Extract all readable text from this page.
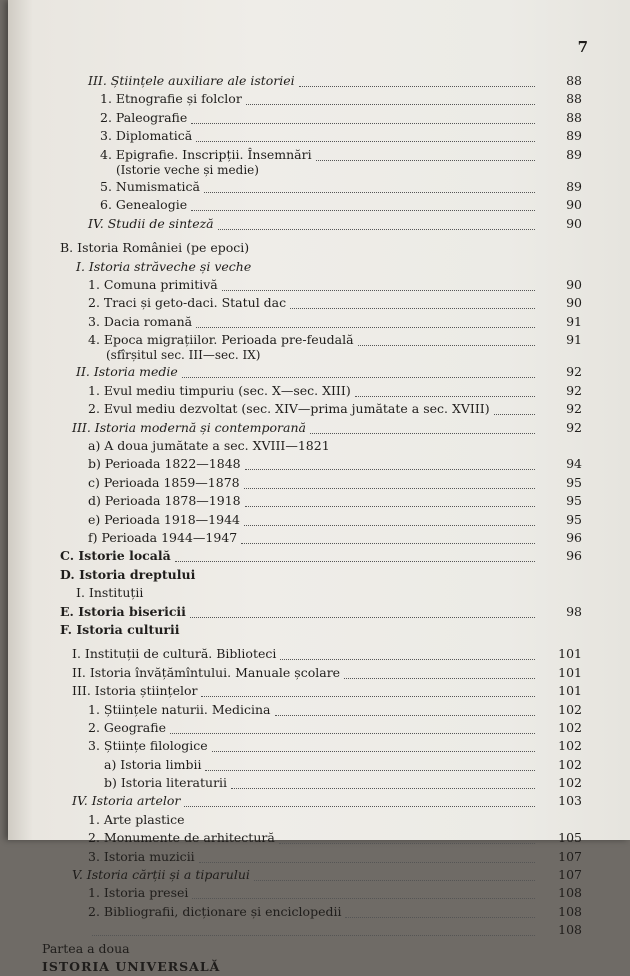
7
III. Științele auxiliare ale istoriei	88
1. Etnografie și folclor	88
2. Paleografie	88
3. Diplomatică	89
4. Epigrafie. Inscripții. Însemnări	89
(Istorie veche și medie)
5. Numismatică	89
6. Genealogie	90
IV. Studii de sinteză	90
B. Istoria României (pe epoci)
I. Istoria străveche și veche
1. Comuna primitivă	90
2. Traci și geto-daci. Statul dac	90
3. Dacia romană	91
4. Epoca migrațiilor. Perioada pre-feudală	91
(sfîrșitul sec. III—sec. IX)
II. Istoria medie	92
1. Evul mediu timpuriu (sec. X—sec. XIII)	92
2. Evul mediu dezvoltat (sec. XIV—prima jumătate a sec. XVIII)	92
III. Istoria modernă și contemporană	92
a) A doua jumătate a sec. XVIII—1821
b) Perioada 1822—1848	94
c) Perioada 1859—1878	95
d) Perioada 1878—1918	95
e) Perioada 1918—1944	95
f) Perioada 1944—1947	96
C. Istorie locală	96
D. Istoria dreptului
I. Instituții
E. Istoria bisericii	98
F. Istoria culturii
I. Instituții de cultură. Biblioteci	101
II. Istoria învățămîntului. Manuale școlare	101
III. Istoria științelor	101
1. Științele naturii. Medicina	102
2. Geografie	102
3. Științe filologice	102
a) Istoria limbii	102
b) Istoria literaturii	102
IV. Istoria artelor	103
1. Arte plastice
2. Monumente de arhitectură	105
3. Istoria muzicii	107
V. Istoria cărții și a tiparului	107
1. Istoria presei	108
2. Bibliografii, dicționare și enciclopedii	108
108
Partea a doua
ISTORIA UNIVERSALĂ
